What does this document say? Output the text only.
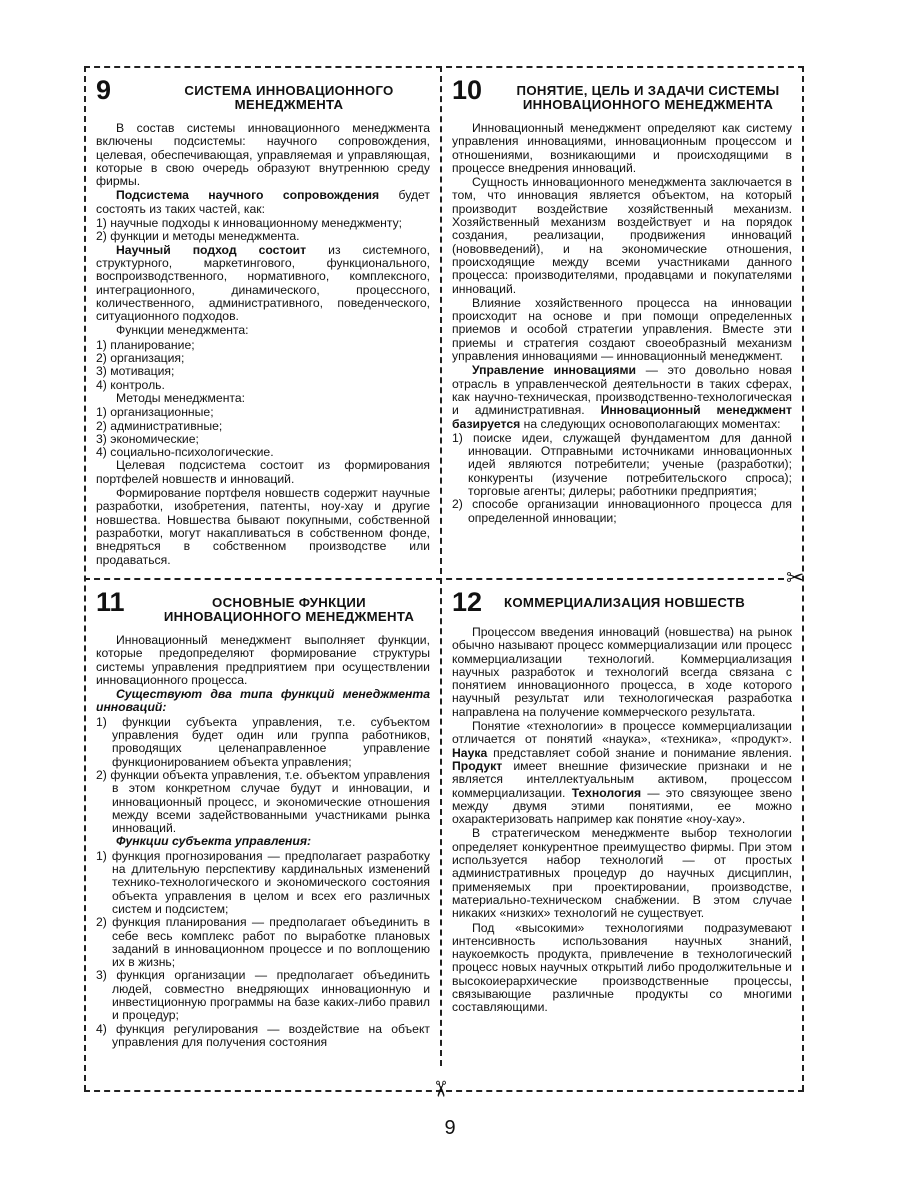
✂
✂
9	СИСТЕМА ИННОВАЦИОННОГО
МЕНЕДЖМЕНТА

В состав системы инновационного менеджмента включены подсистемы: научного сопровождения, целевая, обеспечивающая, управляемая и управляющая, которые в свою очередь образуют внутреннюю среду фирмы.

Подсистема научного сопровождения будет состоять из таких частей, как:

1) научные подходы к инновационному менеджменту;
2) функции и методы менеджмента.

Научный подход состоит из системного, структурного, маркетингового, функционального, воспроизводственного, нормативного, комплексного, интеграционного, динамического, процессного, количественного, административного, поведенческого, ситуационного подходов.

Функции менеджмента:

1) планирование;
2) организация;
3) мотивация;
4) контроль.

Методы менеджмента:

1) организационные;
2) административные;
3) экономические;
4) социально-психологические.

Целевая подсистема состоит из формирования портфелей новшеств и инноваций.

Формирование портфеля новшеств содержит научные разработки, изобретения, патенты, ноу-хау и другие новшества. Новшества бывают покупными, собственной разработки, могут накапливаться в собственном фонде, внедряться в собственном производстве или продаваться.

10	ПОНЯТИЕ, ЦЕЛЬ И ЗАДАЧИ СИСТЕМЫ
ИННОВАЦИОННОГО МЕНЕДЖМЕНТА

Инновационный менеджмент определяют как систему управления инновациями, инновационным процессом и отношениями, возникающими и происходящими в процессе внедрения инноваций.

Сущность инновационного менеджмента заключается в том, что инновация является объектом, на который производит воздействие хозяйственный механизм. Хозяйственный механизм воздействует и на порядок создания, реализации, продвижения инноваций (нововведений), и на экономические отношения, происходящие между всеми участниками данного процесса: производителями, продавцами и покупателями инноваций.

Влияние хозяйственного процесса на инновации происходит на основе и при помощи определенных приемов и особой стратегии управления. Вместе эти приемы и стратегия создают своеобразный механизм управления инновациями — инновационный менеджмент.

Управление инновациями — это довольно новая отрасль в управленческой деятельности в таких сферах, как научно-техническая, производственно-технологическая и административная. Инновационный менеджмент базируется на следующих основополагающих моментах:

1) поиске идеи, служащей фундаментом для данной инновации. Отправными источниками инновационных идей являются потребители; ученые (разработки); конкуренты (изучение потребительского спроса); торговые агенты; дилеры; работники предприятия;
2) способе организации инновационного процесса для определенной инновации;
11	ОСНОВНЫЕ ФУНКЦИИ
ИННОВАЦИОННОГО МЕНЕДЖМЕНТА

Инновационный менеджмент выполняет функции, которые предопределяют формирование структуры системы управления предприятием при осуществлении инновационного процесса.

Существуют два типа функций менеджмента инноваций:

1) функции субъекта управления, т.е. субъектом управления будет один или группа работников, проводящих целенаправленное управление функционированием объекта управления;
2) функции объекта управления, т.е. объектом управления в этом конкретном случае будут и инновации, и инновационный процесс, и экономические отношения между всеми задействованными участниками рынка инноваций.

Функции субъекта управления:

1) функция прогнозирования — предполагает разработку на длительную перспективу кардинальных изменений технико-технологического и экономического состояния объекта управления в целом и всех его различных систем и подсистем;
2) функция планирования — предполагает объединить в себе весь комплекс работ по выработке плановых заданий в инновационном процессе и по воплощению их в жизнь;
3) функция организации — предполагает объединить людей, совместно внедряющих инновационную и инвестиционную программы на базе каких-либо правил и процедур;
4) функция регулирования — воздействие на объект управления для получения состояния
12	КОММЕРЦИАЛИЗАЦИЯ НОВШЕСТВ

Процессом введения инноваций (новшества) на рынок обычно называют процесс коммерциализации или процесс коммерциализации технологий. Коммерциализация научных разработок и технологий всегда связана с понятием инновационного процесса, в ходе которого научный результат или технологическая разработка направлена на получение коммерческого результата.

Понятие «технологии» в процессе коммерциализации отличается от понятий «наука», «техника», «продукт». Наука представляет собой знание и понимание явления. Продукт имеет внешние физические признаки и не является интеллектуальным активом, процессом коммерциализации. Технология — это связующее звено между двумя этими понятиями, ее можно охарактеризовать например как понятие «ноу-хау».

В стратегическом менеджменте выбор технологии определяет конкурентное преимущество фирмы. При этом используется набор технологий — от простых административных процедур до научных дисциплин, применяемых при проектировании, производстве, материально-техническом снабжении. В этом случае никаких «низких» технологий не существует.

Под «высокими» технологиями подразумевают интенсивность использования научных знаний, наукоемкость продукта, привлечение в технологический процесс новых научных открытий либо продолжительные и высокоиерархические производственные процессы, связывающие различные продукты со многими составляющими.

9
